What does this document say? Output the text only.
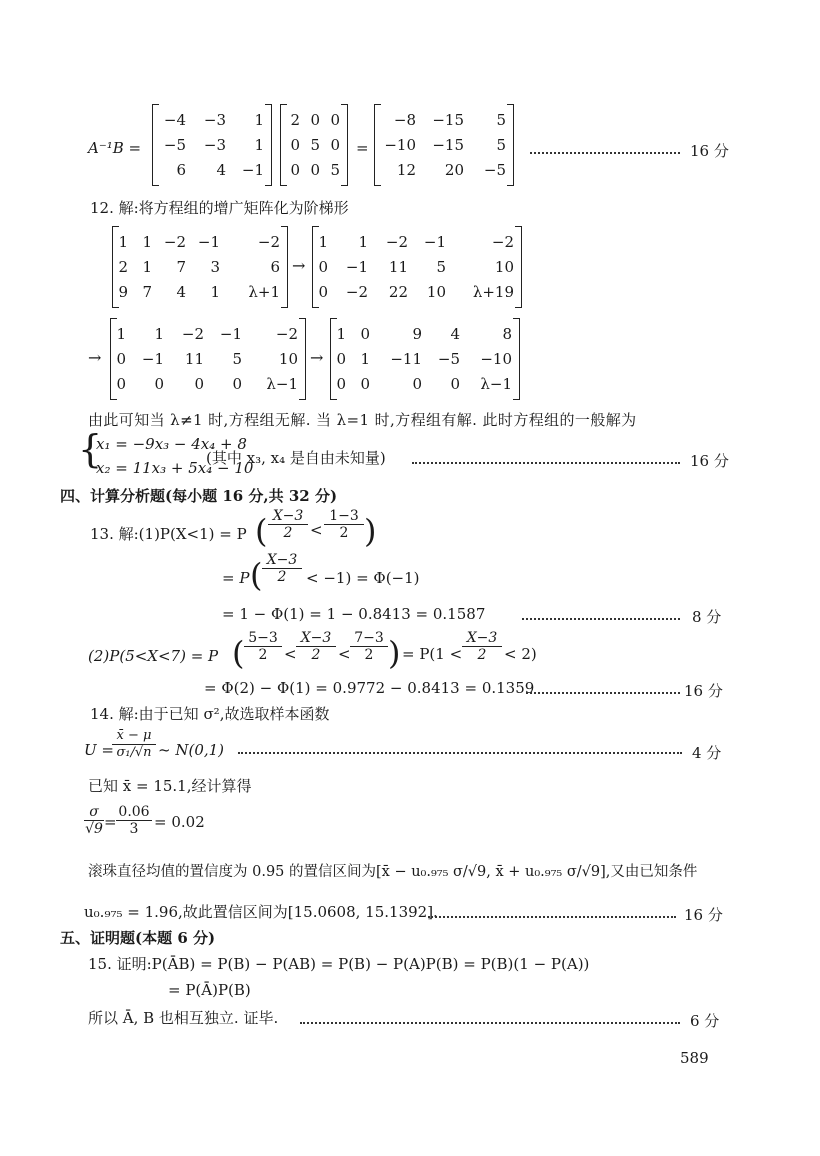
A⁻¹B =
−4	−3	1
−5	−3	1
6	4	−1
2 0 0
0 5 0
0 0 5
=
−8	−15	5
−10	−15	5
12	20	−5
16 分
12. 解:将方程组的增广矩阵化为阶梯形
1 1 −2 −1	−2
2 1	7	3	6
9 7	4	1	λ+1
→
1	1	−2	−1	−2
0	−1	11	5	10
0	−2	22	10	λ+19
→
1	1	−2	−1	−2
0	−1	11	5	10
0	0	0	0	λ−1
→
1 0	9	4	8
0 1	−11	−5	−10
0 0	0	0	λ−1
由此可知当 λ≠1 时,方程组无解. 当 λ=1 时,方程组有解. 此时方程组的一般解为
{
x₁ = −9x₃ − 4x₄ + 8
x₂ = 11x₃ + 5x₄ − 10
(其中 x₃, x₄ 是自由未知量)	16 分
四、计算分析题(每小题 16 分,共 32 分)
13. 解:(1)P(X<1) = P ( $\frac{X-3}{2} < \frac{1-3}{2}$ )
= P ( $\frac{X-3}{2} < -1) = \Phi(-1)$
= 1 − Φ(1) = 1 − 0.8413 = 0.1587	8 分
(2)P(5<X<7) = P ( $\frac{5-3}{2} < \frac{X-3}{2} < \frac{7-3}{2}$ ) = $P(1 < \frac{X-3}{2} < 2)$
= Φ(2) − Φ(1) = 0.9772 − 0.8413 = 0.1359	16 分
14. 解:由于已知 σ²,故选取样本函数
U =
$\frac{x̄ - \mu}{\text{σ₁/√n}}$ ~ N(0,1)	4 分
已知 x̄ = 15.1,经计算得
$\frac{\sigma}{√9} = \frac{0.06}{3} = 0.02$
滚珠直径均值的置信度为 0.95 的置信区间为[x̄ − u₀.₉₇₅ σ/√9, x̄ + u₀.₉₇₅ σ/√9],又由已知条件
u₀.₉₇₅ = 1.96,故此置信区间为[15.0608, 15.1392].	16 分
五、证明题(本题 6 分)
15. 证明:P(ĀB) = P(B) − P(AB) = P(B) − P(A)P(B) = P(B)(1 − P(A))
= P(Ā)P(B)
所以 Ā, B 也相互独立. 证毕.	6 分
589
